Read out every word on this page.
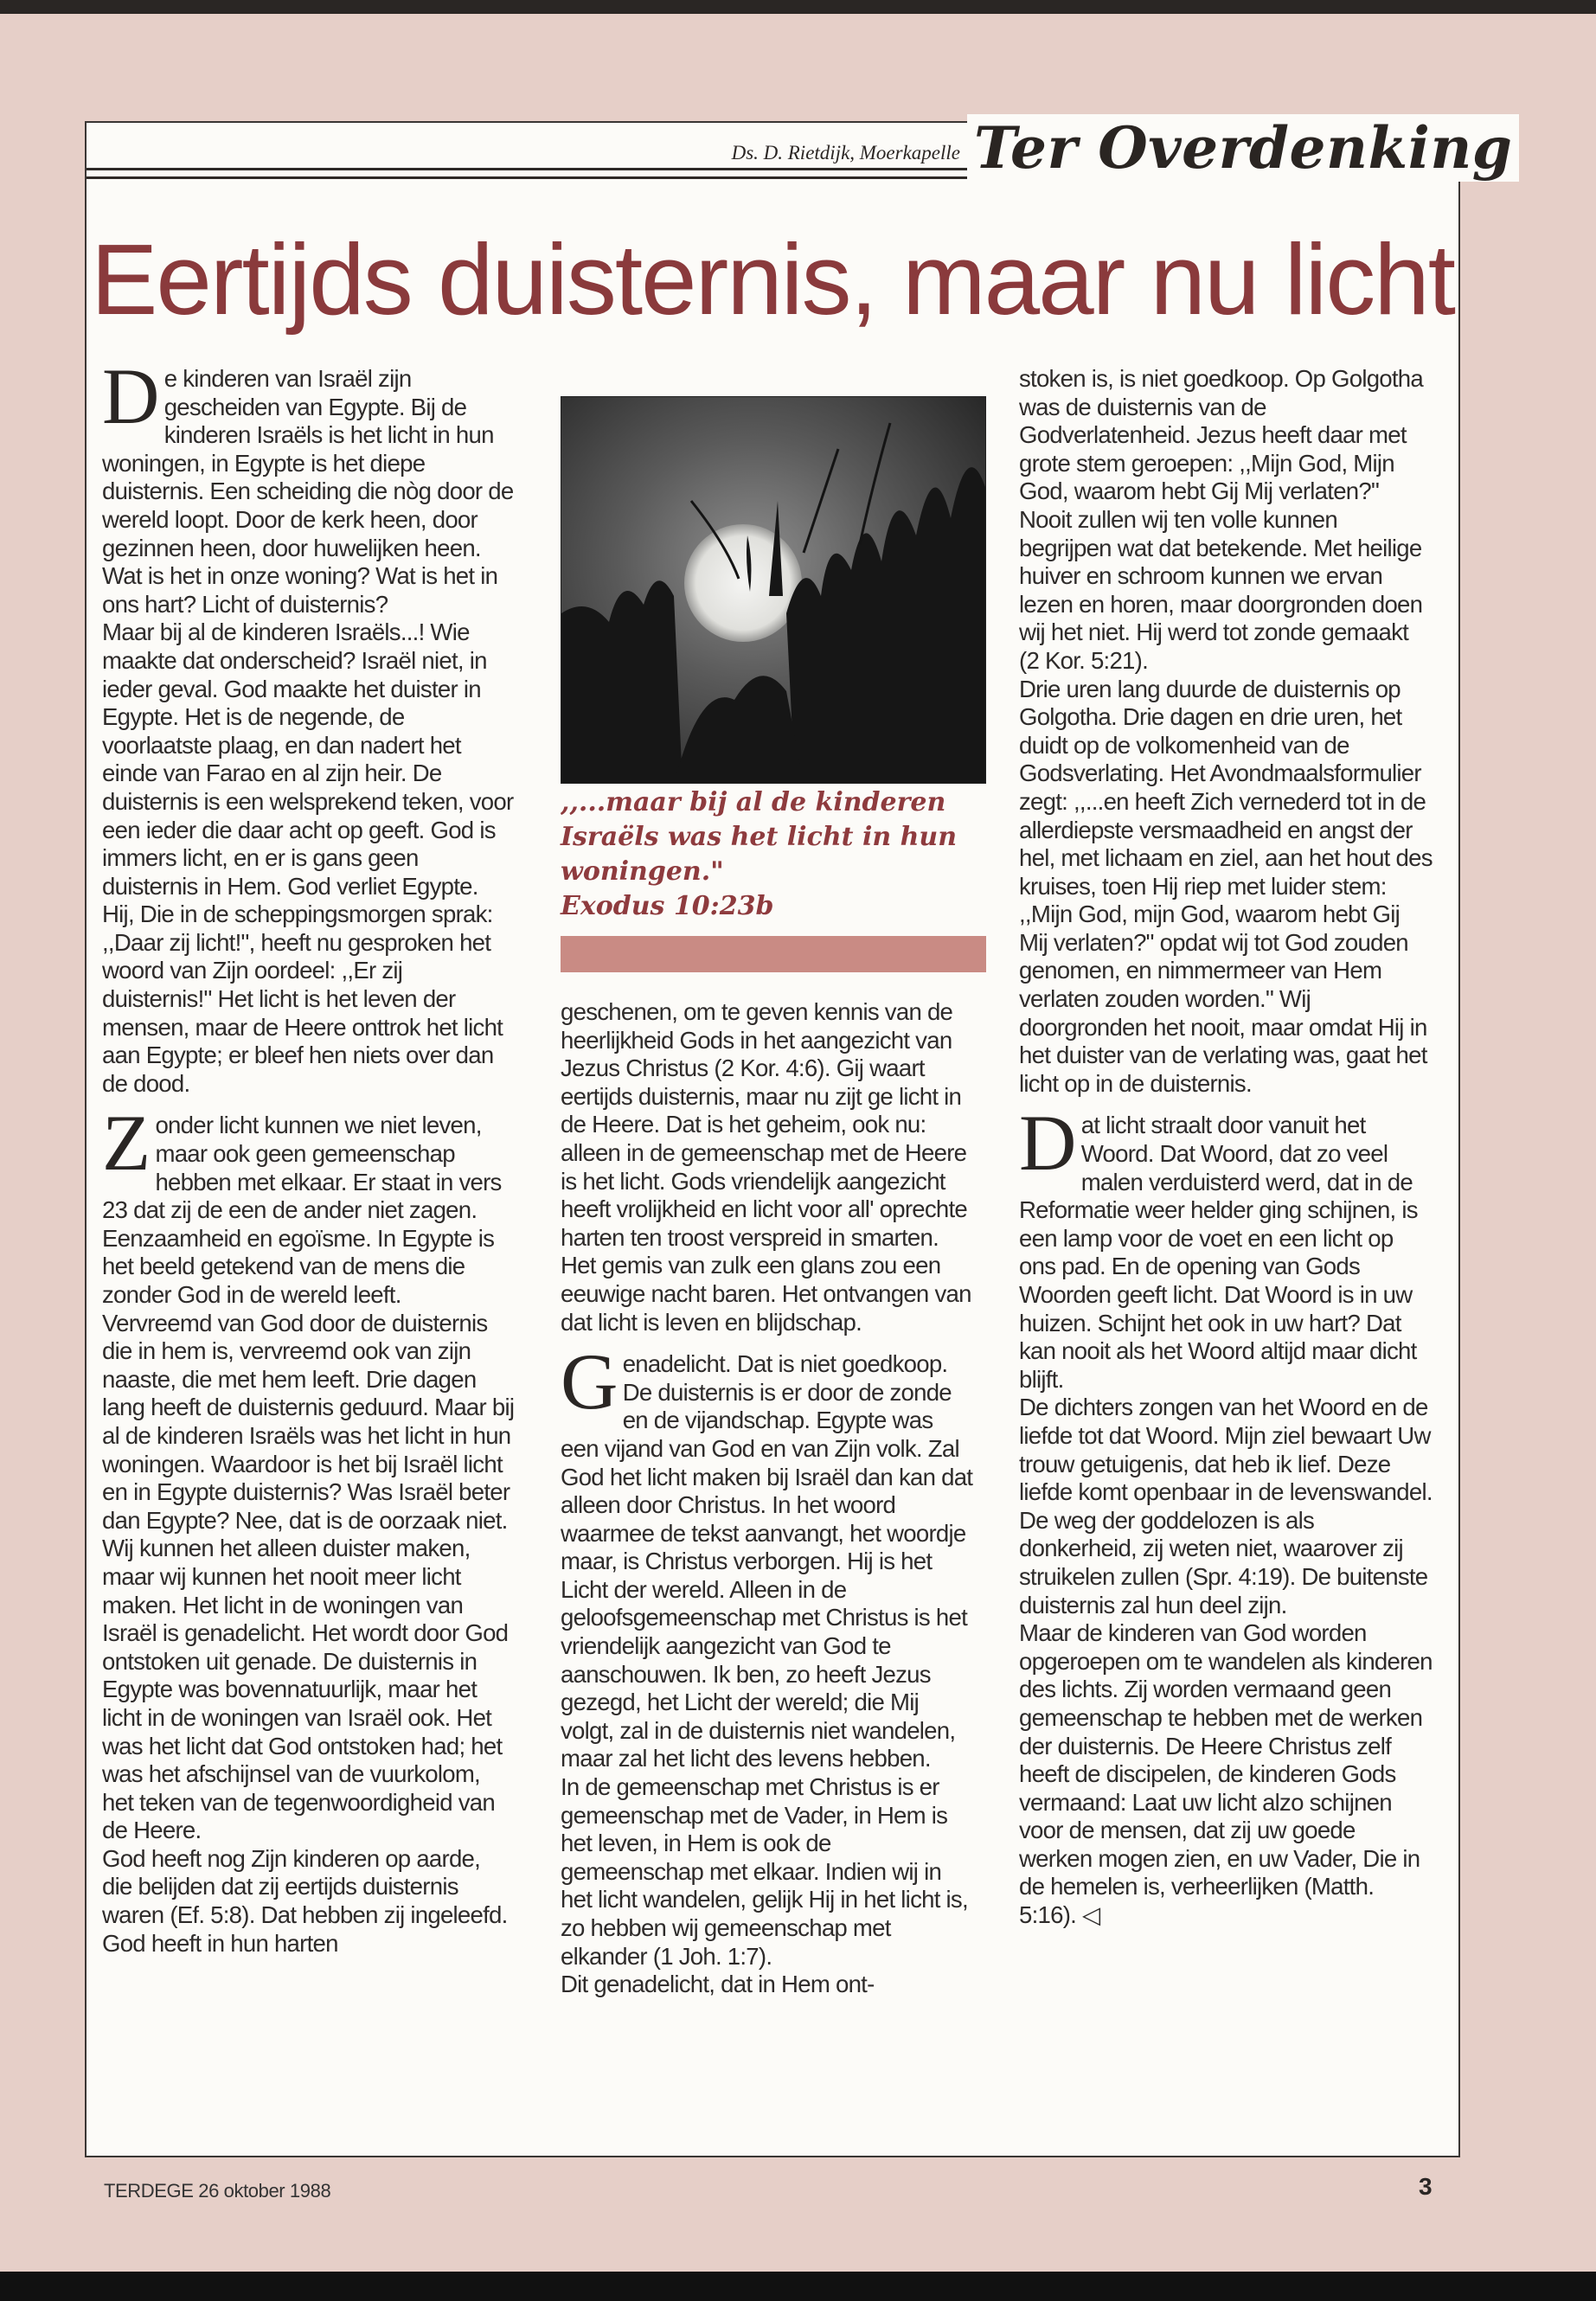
Ds. D. Rietdijk, Moerkapelle Ter Overdenking
Eertijds duisternis, maar nu licht

De kinderen van Israël zijn gescheiden van Egypte. Bij de kinderen Israëls is het licht in hun woningen, in Egypte is het diepe duisternis. Een scheiding die nòg door de wereld loopt. Door de kerk heen, door gezinnen heen, door huwelijken heen. Wat is het in onze woning? Wat is het in ons hart? Licht of duisternis?

Maar bij al de kinderen Israëls...! Wie maakte dat onderscheid? Israël niet, in ieder geval. God maakte het duister in Egypte. Het is de negende, de voorlaatste plaag, en dan nadert het einde van Farao en al zijn heir. De duisternis is een welsprekend teken, voor een ieder die daar acht op geeft. God is immers licht, en er is gans geen duisternis in Hem. God verliet Egypte. Hij, Die in de scheppingsmorgen sprak: ,,Daar zij licht!", heeft nu gesproken het woord van Zijn oordeel: ,,Er zij duisternis!" Het licht is het leven der mensen, maar de Heere onttrok het licht aan Egypte; er bleef hen niets over dan de dood.

Zonder licht kunnen we niet leven, maar ook geen gemeenschap hebben met elkaar. Er staat in vers 23 dat zij de een de ander niet zagen. Eenzaamheid en egoïsme. In Egypte is het beeld getekend van de mens die zonder God in de wereld leeft. Vervreemd van God door de duisternis die in hem is, vervreemd ook van zijn naaste, die met hem leeft. Drie dagen lang heeft de duisternis geduurd. Maar bij al de kinderen Israëls was het licht in hun woningen. Waardoor is het bij Israël licht en in Egypte duisternis? Was Israël beter dan Egypte? Nee, dat is de oorzaak niet. Wij kunnen het alleen duister maken, maar wij kunnen het nooit meer licht maken. Het licht in de woningen van Israël is genadelicht. Het wordt door God ontstoken uit genade. De duisternis in Egypte was bovennatuurlijk, maar het licht in de woningen van Israël ook. Het was het licht dat God ontstoken had; het was het afschijnsel van de vuurkolom, het teken van de tegenwoordigheid van de Heere.

God heeft nog Zijn kinderen op aarde, die belijden dat zij eertijds duisternis waren (Ef. 5:8). Dat hebben zij ingeleefd. God heeft in hun harten

,,...maar bij al de kinderen
Israëls was het licht in hun
woningen."
Exodus 10:23b

geschenen, om te geven kennis van de heerlijkheid Gods in het aangezicht van Jezus Christus (2 Kor. 4:6). Gij waart eertijds duisternis, maar nu zijt ge licht in de Heere. Dat is het geheim, ook nu: alleen in de gemeenschap met de Heere is het licht. Gods vriendelijk aangezicht heeft vrolijkheid en licht voor all' oprechte harten ten troost verspreid in smarten. Het gemis van zulk een glans zou een eeuwige nacht baren. Het ontvangen van dat licht is leven en blijdschap.

Genadelicht. Dat is niet goedkoop. De duisternis is er door de zonde en de vijandschap. Egypte was een vijand van God en van Zijn volk. Zal God het licht maken bij Israël dan kan dat alleen door Christus. In het woord waarmee de tekst aanvangt, het woordje maar, is Christus verborgen. Hij is het Licht der wereld. Alleen in de geloofsgemeenschap met Christus is het vriendelijk aangezicht van God te aanschouwen. Ik ben, zo heeft Jezus gezegd, het Licht der wereld; die Mij volgt, zal in de duisternis niet wandelen, maar zal het licht des levens hebben.

In de gemeenschap met Christus is er gemeenschap met de Vader, in Hem is het leven, in Hem is ook de gemeenschap met elkaar. Indien wij in het licht wandelen, gelijk Hij in het licht is, zo hebben wij gemeenschap met elkander (1 Joh. 1:7).

Dit genadelicht, dat in Hem ont-

stoken is, is niet goedkoop. Op Golgotha was de duisternis van de Godverlatenheid. Jezus heeft daar met grote stem geroepen: ,,Mijn God, Mijn God, waarom hebt Gij Mij verlaten?" Nooit zullen wij ten volle kunnen begrijpen wat dat betekende. Met heilige huiver en schroom kunnen we ervan lezen en horen, maar doorgronden doen wij het niet. Hij werd tot zonde gemaakt (2 Kor. 5:21).

Drie uren lang duurde de duisternis op Golgotha. Drie dagen en drie uren, het duidt op de volkomenheid van de Godsverlating. Het Avondmaalsformulier zegt: ,,...en heeft Zich vernederd tot in de allerdiepste versmaadheid en angst der hel, met lichaam en ziel, aan het hout des kruises, toen Hij riep met luider stem: ,,Mijn God, mijn God, waarom hebt Gij Mij verlaten?" opdat wij tot God zouden genomen, en nimmermeer van Hem verlaten zouden worden." Wij doorgronden het nooit, maar omdat Hij in het duister van de verlating was, gaat het licht op in de duisternis.

Dat licht straalt door vanuit het Woord. Dat Woord, dat zo veel malen verduisterd werd, dat in de Reformatie weer helder ging schijnen, is een lamp voor de voet en een licht op ons pad. En de opening van Gods Woorden geeft licht. Dat Woord is in uw huizen. Schijnt het ook in uw hart? Dat kan nooit als het Woord altijd maar dicht blijft.

De dichters zongen van het Woord en de liefde tot dat Woord. Mijn ziel bewaart Uw trouw getuigenis, dat heb ik lief. Deze liefde komt openbaar in de levenswandel. De weg der goddelozen is als donkerheid, zij weten niet, waarover zij struikelen zullen (Spr. 4:19). De buitenste duisternis zal hun deel zijn.

Maar de kinderen van God worden opgeroepen om te wandelen als kinderen des lichts. Zij worden vermaand geen gemeenschap te hebben met de werken der duisternis. De Heere Christus zelf heeft de discipelen, de kinderen Gods vermaand: Laat uw licht alzo schijnen voor de mensen, dat zij uw goede werken mogen zien, en uw Vader, Die in de hemelen is, verheerlijken (Matth. 5:16). ◁

TERDEGE 26 oktober 1988	3
